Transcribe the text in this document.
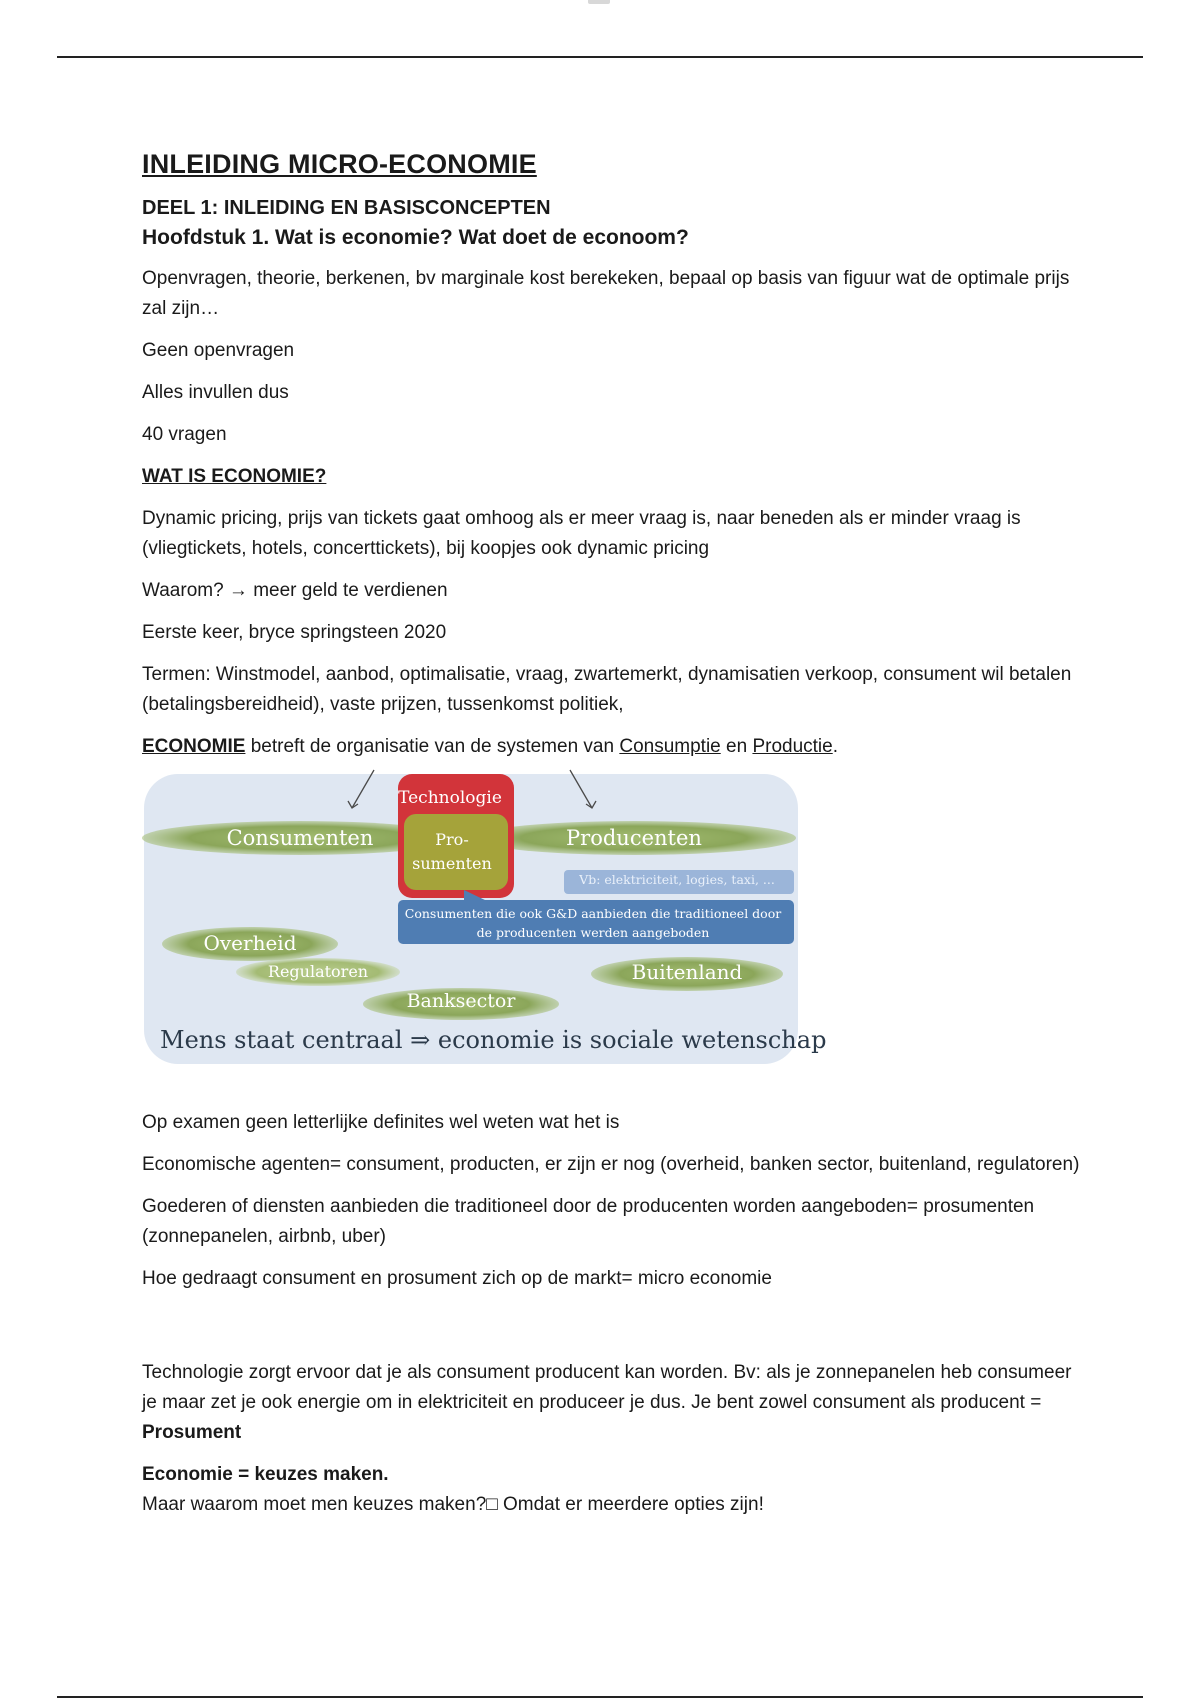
INLEIDING MICRO-ECONOMIE
DEEL 1: INLEIDING EN BASISCONCEPTEN
Hoofdstuk 1. Wat is economie? Wat doet de econoom?

Openvragen, theorie, berkenen, bv marginale kost berekeken, bepaal op basis van figuur wat de optimale prijs zal zijn…

Geen openvragen

Alles invullen dus

40 vragen

WAT IS ECONOMIE?

Dynamic pricing, prijs van tickets gaat omhoog als er meer vraag is, naar beneden als er minder vraag is (vliegtickets, hotels, concerttickets), bij koopjes ook dynamic pricing

Waarom? → meer geld te verdienen

Eerste keer, bryce springsteen 2020

Termen: Winstmodel, aanbod, optimalisatie, vraag, zwartemerkt, dynamisatien verkoop, consument wil betalen (betalingsbereidheid), vaste prijzen, tussenkomst politiek,

ECONOMIE betreft de organisatie van de systemen van Consumptie en Productie.

Consumenten	Producenten
Technologie
Pro-
sumenten
Vb: elektriciteit, logies, taxi, ...
Consumenten die ook G&D aanbieden die traditioneel door de producenten werden aangeboden
Overheid
Regulatoren	Buitenland
Banksector
Mens staat centraal ⇒ economie is sociale wetenschap

Op examen geen letterlijke definites wel weten wat het is

Economische agenten= consument, producten, er zijn er nog (overheid, banken sector, buitenland, regulatoren)

Goederen of diensten aanbieden die traditioneel door de producenten worden aangeboden= prosumenten (zonnepanelen, airbnb, uber)

Hoe gedraagt consument en prosument zich op de markt= micro economie

Technologie zorgt ervoor dat je als consument producent kan worden. Bv: als je zonnepanelen heb consumeer je maar zet je ook energie om in elektriciteit en produceer je dus. Je bent zowel consument als producent = Prosument

Economie = keuzes maken.

Maar waarom moet men keuzes maken?□ Omdat er meerdere opties zijn!
